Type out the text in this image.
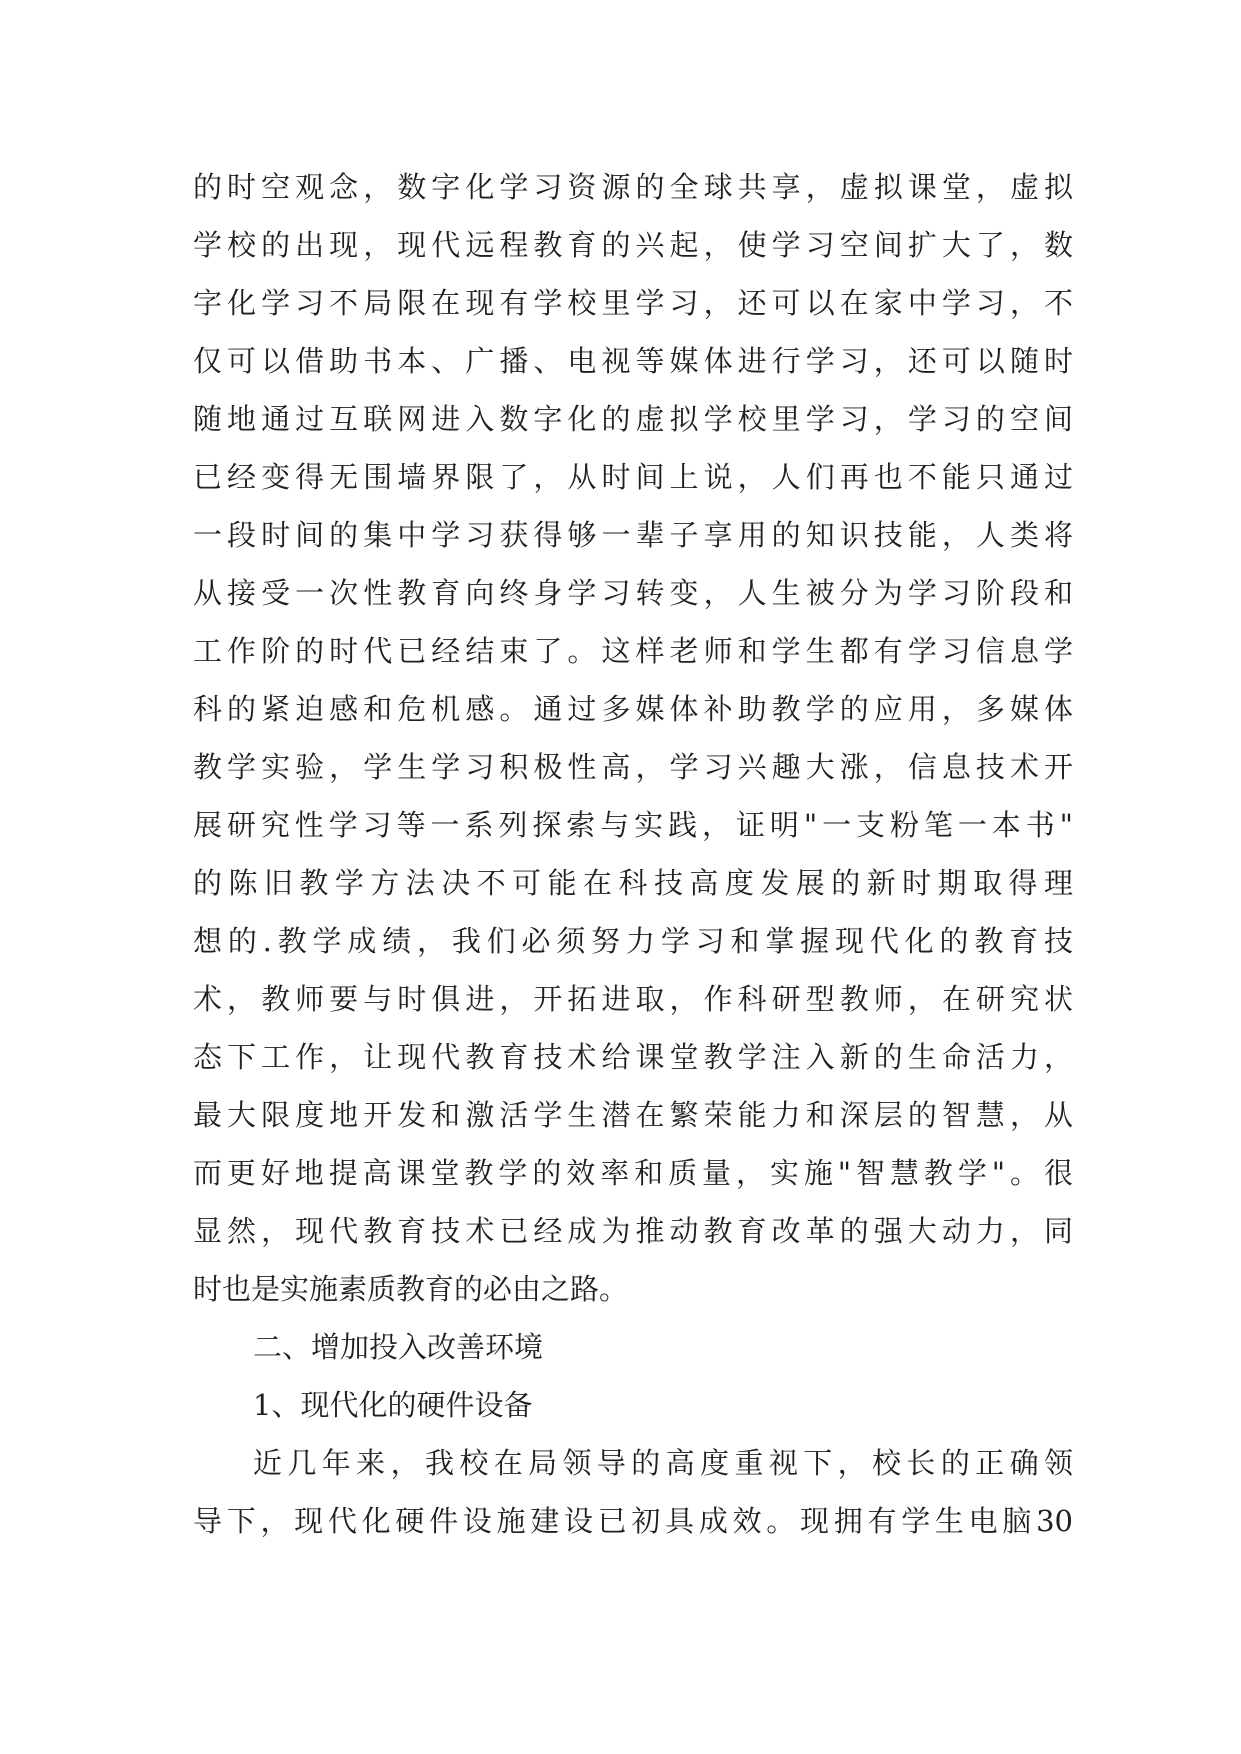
的时空观念，数字化学习资源的全球共享，虚拟课堂，虚拟
学校的出现，现代远程教育的兴起，使学习空间扩大了，数
字化学习不局限在现有学校里学习，还可以在家中学习，不
仅可以借助书本、广播、电视等媒体进行学习，还可以随时
随地通过互联网进入数字化的虚拟学校里学习，学习的空间
已经变得无围墙界限了，从时间上说，人们再也不能只通过
一段时间的集中学习获得够一辈子享用的知识技能，人类将
从接受一次性教育向终身学习转变，人生被分为学习阶段和
工作阶的时代已经结束了。这样老师和学生都有学习信息学
科的紧迫感和危机感。通过多媒体补助教学的应用，多媒体
教学实验，学生学习积极性高，学习兴趣大涨，信息技术开
展研究性学习等一系列探索与实践，证明"一支粉笔一本书"
的陈旧教学方法决不可能在科技高度发展的新时期取得理
想的.教学成绩，我们必须努力学习和掌握现代化的教育技
术，教师要与时俱进，开拓进取，作科研型教师，在研究状
态下工作，让现代教育技术给课堂教学注入新的生命活力，
最大限度地开发和激活学生潜在繁荣能力和深层的智慧，从
而更好地提高课堂教学的效率和质量，实施"智慧教学"。很
显然，现代教育技术已经成为推动教育改革的强大动力，同
时也是实施素质教育的必由之路。
二、增加投入改善环境
1、现代化的硬件设备
近几年来，我校在局领导的高度重视下，校长的正确领
导下，现代化硬件设施建设已初具成效。现拥有学生电脑30
